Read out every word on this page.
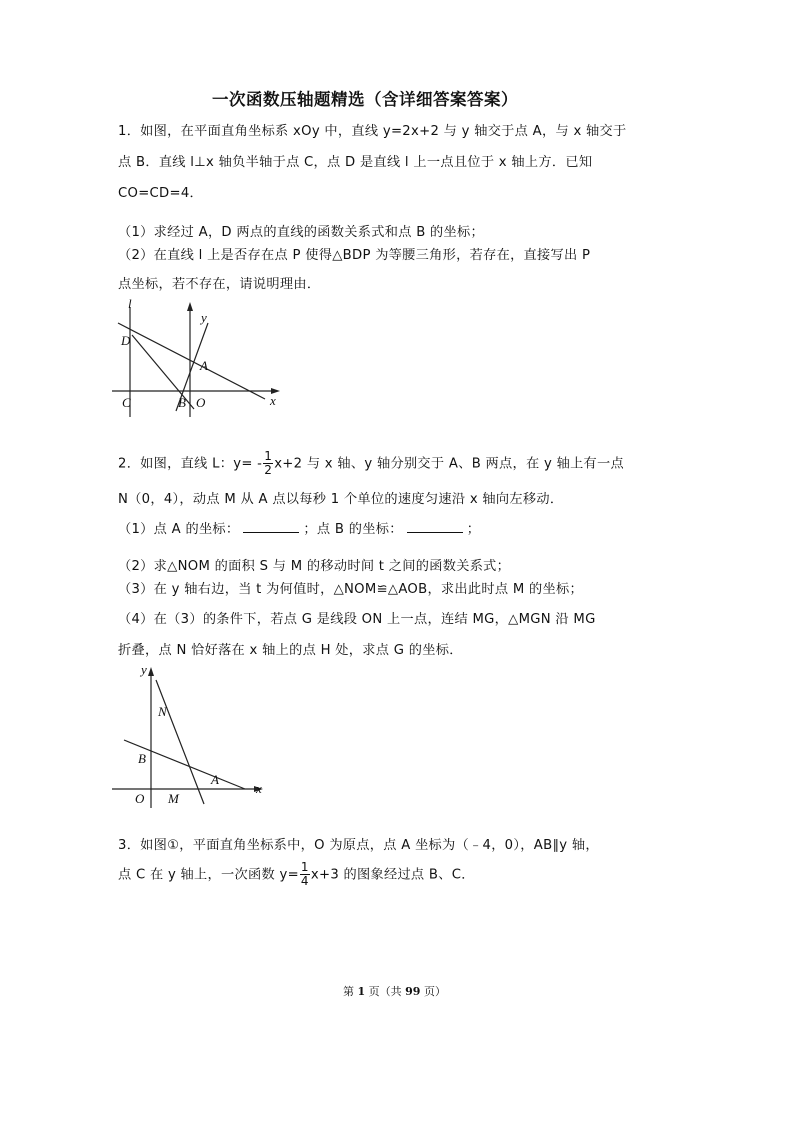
一次函数压轴题精选（含详细答案答案）
1．如图，在平面直角坐标系 xOy 中，直线 y=2x+2 与 y 轴交于点 A，与 x 轴交于
点 B．直线 l⊥x 轴负半轴于点 C，点 D 是直线 l 上一点且位于 x 轴上方．已知
CO=CD=4．
（1）求经过 A，D 两点的直线的函数关系式和点 B 的坐标；
（2）在直线 l 上是否存在点 P 使得△BDP 为等腰三角形，若存在，直接写出 P
点坐标，若不存在，请说明理由．
l
y
x
D
A
C	B O
2．如图，直线 L：$y= - \frac{1}{2} x+2$ 与 x 轴、y 轴分别交于 A、B 两点，在 y 轴上有一点
N（0，4），动点 M 从 A 点以每秒 1 个单位的速度匀速沿 x 轴向左移动．
（1）点 A 的坐标：	；点 B 的坐标：	；
（2）求△NOM 的面积 S 与 M 的移动时间 t 之间的函数关系式；
（3）在 y 轴右边，当 t 为何值时，△NOM≌△AOB，求出此时点 M 的坐标；
（4）在（3）的条件下，若点 G 是线段 ON 上一点，连结 MG，△MGN 沿 MG
折叠，点 N 恰好落在 x 轴上的点 H 处，求点 G 的坐标．
y
x
N
B
A
O M
3．如图①，平面直角坐标系中，O 为原点，点 A 坐标为（﹣4，0），AB∥y 轴，
点 C 在 y 轴上，一次函数 $y= \frac{1}{4} x+3$ 的图象经过点 B、C．
第 1 页（共 99 页）
